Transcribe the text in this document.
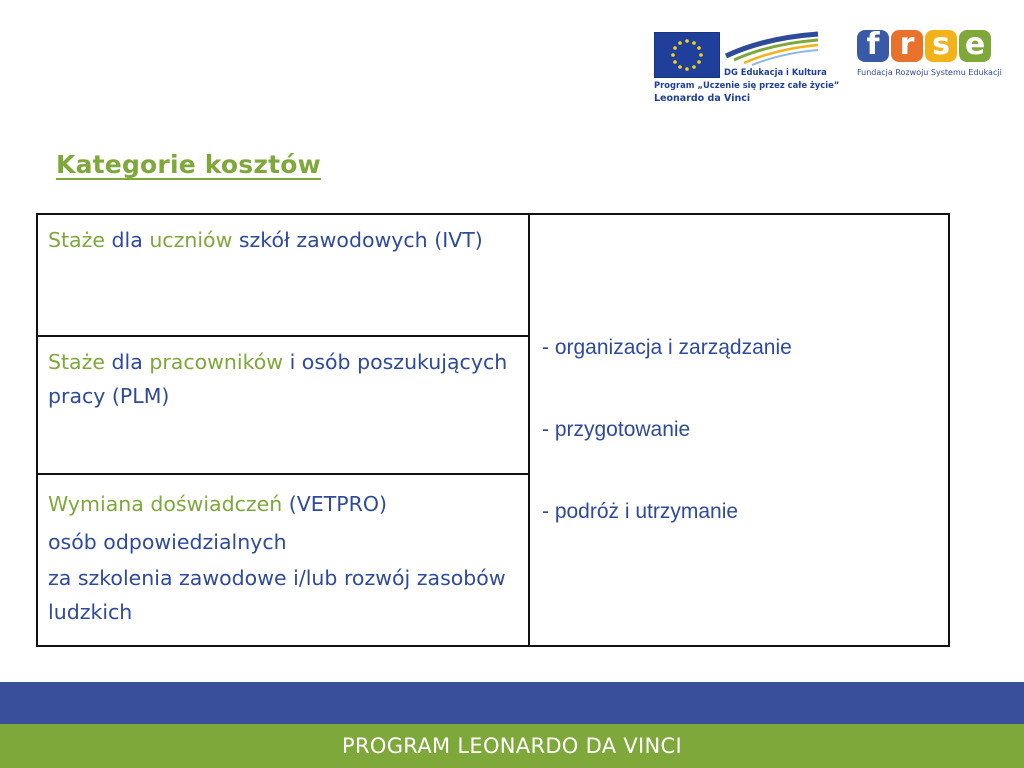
DG Edukacja i Kultura
Program „Uczenie się przez całe życie”
Leonardo da Vinci
f r s e
Fundacja Rozwoju Systemu Edukacji
Kategorie kosztów

Staże dla uczniów szkół zawodowych (IVT)

- organizacja i zarządzanie
- przygotowanie
- podróż i utrzymanie

Staże dla pracowników i osób poszukujących pracy (PLM)

Wymiana doświadczeń (VETPRO)

osób odpowiedzialnych

za szkolenia zawodowe i/lub rozwój zasobów ludzkich

PROGRAM LEONARDO DA VINCI
